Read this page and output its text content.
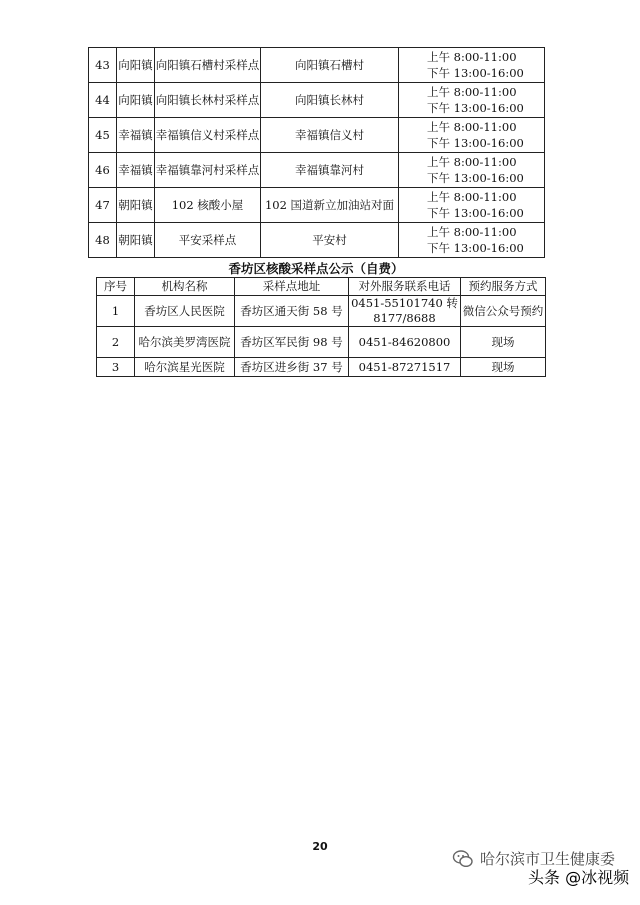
43	向阳镇	向阳镇石槽村采样点	向阳镇石槽村	上午 8:00-11:00
下午 13:00-16:00

44	向阳镇	向阳镇长林村采样点	向阳镇长林村	上午 8:00-11:00
下午 13:00-16:00

45	幸福镇	幸福镇信义村采样点	幸福镇信义村	上午 8:00-11:00
下午 13:00-16:00

46	幸福镇	幸福镇靠河村采样点	幸福镇靠河村	上午 8:00-11:00
下午 13:00-16:00

47	朝阳镇	102 核酸小屋	102 国道新立加油站对面	上午 8:00-11:00
下午 13:00-16:00

48	朝阳镇	平安采样点	平安村	上午 8:00-11:00
下午 13:00-16:00
香坊区核酸采样点公示（自费）
序号	机构名称	采样点地址	对外服务联系电话	预约服务方式
1	香坊区人民医院	香坊区通天街 58 号	0451-55101740 转 8177/8688	微信公众号预约
2	哈尔滨美罗湾医院	香坊区军民街 98 号	0451-84620800	现场
3	哈尔滨星光医院	香坊区进乡街 37 号	0451-87271517	现场
20
哈尔滨市卫生健康委
头条 @冰视频
